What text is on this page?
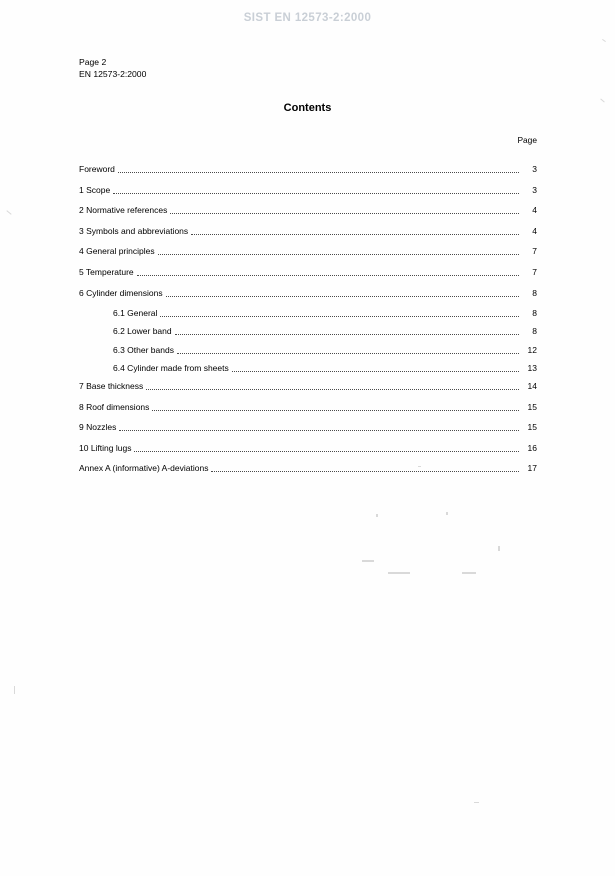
SIST EN 12573-2:2000
Page 2
EN 12573-2:2000
Contents
Page
Foreword	3
1 Scope	3
2 Normative references	4
3 Symbols and abbreviations	4
4 General principles	7
5 Temperature	7
6 Cylinder dimensions	8
6.1 General	8
6.2 Lower band	8
6.3 Other bands	12
6.4 Cylinder made from sheets	13
7 Base thickness	14
8 Roof dimensions	15
9 Nozzles	15
10 Lifting lugs	16
Annex A (informative) A-deviations	17
